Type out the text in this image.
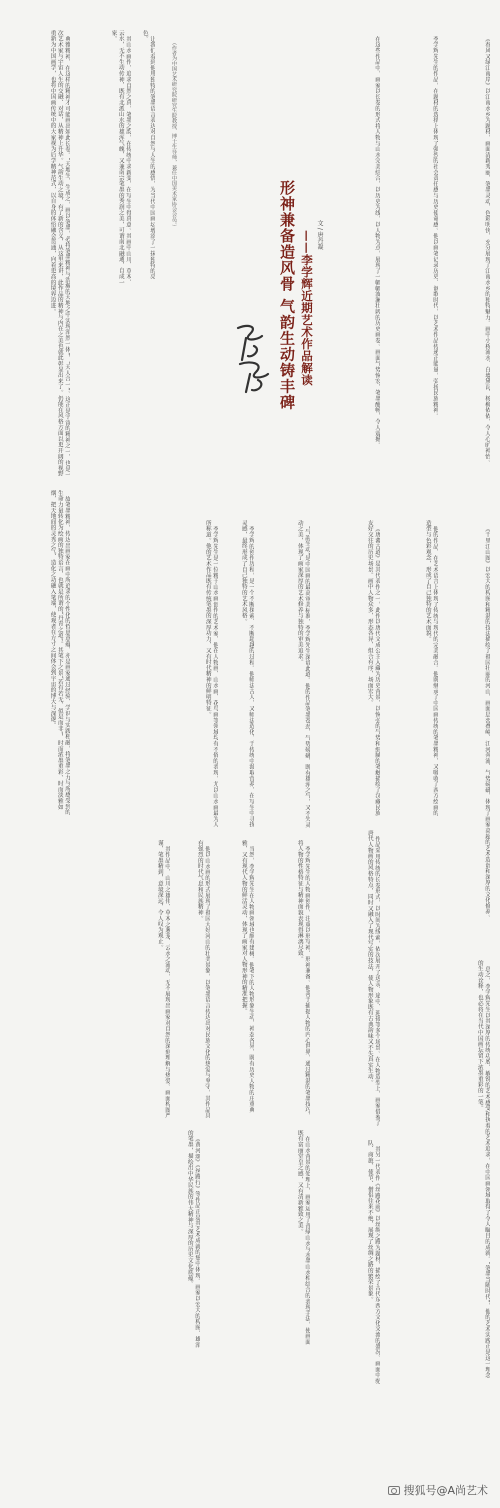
典雅精神，在这样的精神才可能画出如此长卷。“天地生，生成之，画以笔墨，必将笔墨精神与浩瀚的天地之中实现浑然一体”，“天人合一”。这正是宇宙的精神之一，也是一次艺术家与宇宙人生的交融、对话，从精神上升华。气韵生动之境，有了新的含义，从这里来讲，此作品的精神与内在之美也就此彰显出来了。仍能在风格方面以更开阔的视野重新为中国画学，也将中国画传统中的大家视为后学精神范式，以自身的体悟融会贯通，向着更高的境界迈进。

故笔墨精神，传达出画家在画中所追求的个性化的哲思意蕴，亦是画家通过经验、学识与实践相融，将笔墨之力与所感受到的生命力量转化为绘画的独特语言，也就是所谓的“丹青之道”。其笔下之景“若有若无、似是而非”，时而浓墨重彩、时而淡雅如烟，把天地间的灵秀之气、造化之功融入笔端，使观者在方寸之间体会到宇宙的博大与深邃。

其山水画作，追求自然之真，笔墨之韵，在传统中求新变，在写生中得真意。其画中山川、草木、云水，无不生动传神，既有北派山水的雄浑气魄，又兼南宗笔墨的秀润之美，可谓南北融通，自成一家。	让我们看到他用独特的笔墨语言表达对自然与人生的感悟，为当代中国画坛增添了一抹独特的亮色。

（作者为中国艺术研究院研究生院教授、博士生导师，兼任中国美术家协会会员。）
形神兼备造风骨 气韵生动铸丰碑 ——李学辉近期艺术作品解读 文 / 唐丹凝

李学辉先生是一位精于山水画创作的艺术家，他在人物画、山水画、花鸟画等领域均有不俗的表现，尤以山水画最为人所称道。他的艺术作品既有传统笔墨的深厚功力，又有时代精神的鲜明特征。	李学辉的创作历程，是一个不断探索、不断超越的过程。他师法古人，又师法造化，于传统中汲取营养，在写生中寻找灵感，最终形成了自己独特的艺术风格。	“气韵生动”是中国画的最高审美标准，李学辉先生深谙此道。他的作品笔墨苍劲，气势磅礴，既有雄浑之气，又不失灵动之美，体现了画家深厚的艺术修养与独特的审美追求。

其作品中，山川之雄伟、草木之葱茏、云水之流动，无不展现出画家对自然的深刻理解与热爱。画面构图严谨，笔墨精到，意境深远，令人叹为观止。	他以山水画的形式展现了祖国大好河山的壮美景象，以笔墨语言传达出对民族文化的热爱与坚守，其作品具有强烈的时代气息和民族精神。	当然，李学辉先生在人物画领域也颇有建树。他笔下的人物形象生动，神态各异，既有历史人物的庄重典雅，又有现代人物的鲜活灵动，体现了画家对人物形神的精准把握。	李学辉先生的人物画创作，注重以形写神、形神兼备。他善于捕捉人物的内心世界，通过精湛的笔墨技巧，将人物的性格特征与精神面貌表现得淋漓尽致。

《黄河颂》《丝路行》等作品正是其艺术成就的集中体现。画家以宏大的构图、雄浑的笔墨，描绘出中华民族的伟大精神与深厚的历史文化底蕴。

在这些作品中，画家以长卷的形式将人物与山水完美结合，以历史为线，以人物为点，展现了一幅幅波澜壮阔的历史画卷。画面气势恢宏，笔墨酣畅，令人震撼。

《唐蕃古道》是其代表作之一，此作以唐代文成公主入藏为历史背景，以恢弘的气势和细腻的笔触描绘了汉藏民族友好交往的历史场景。画中人物众多，形态各异，组合有序，场面宏大。

作品采用传统的长卷形式，以时间为线索，依次展开了送亲、途中、迎接等多个场景。在人物造型上，画家借鉴了唐代人物画的风格特点，同时又融入了现代写实的技法，使人物形象既有古典韵味又不失真实生动。

在山水背景的处理上，画家运用了青绿山水与水墨山水相结合的表现手法，使画面既有富丽堂皇之感，又有清新雅致之美。	其另一代表作《丝路花雨》以丝绸之路为题材，描绘了古代东西方文化交流的盛况。画面中驼队、商旅、使节、僧侣往来不绝，展现了丝绸之路的繁荣景象。

李学辉先生的作品，在题材的选择上体现了强烈的社会责任感与历史使命感。他以画笔记录历史、讴歌时代，以艺术作品传递正能量，弘扬民族精神。

他的作品，在艺术语言上体现了传统与现代的完美融合。他既继承了中国画传统的笔墨精神，又吸收了西方绘画的造型与色彩观念，形成了自己独特的艺术面貌。

《春风又绿江南岸》以江南水乡为题材，画面清新秀丽，笔墨灵动，色彩明快，充分展现了江南水乡的独特魅力。画中小桥流水、白墙黛瓦、杨柳依依，令人心旷神怡。

《千里江山图》以宏大的构图和精湛的技法描绘了祖国壮丽的河山，画面层峦叠嶂、江河奔流、气势磅礴，体现了画家高超的艺术造诣和深厚的文化修养。

总之，李学辉先生以其深厚的传统功底、敏锐的艺术感受和执着的艺术追求，在中国画领域取得了令人瞩目的成就。“笔墨当随时代”，他的艺术实践正是这一理念的生动诠释，也必将在当代中国画坛留下浓墨重彩的一笔。

搜狐号@A尚艺术
